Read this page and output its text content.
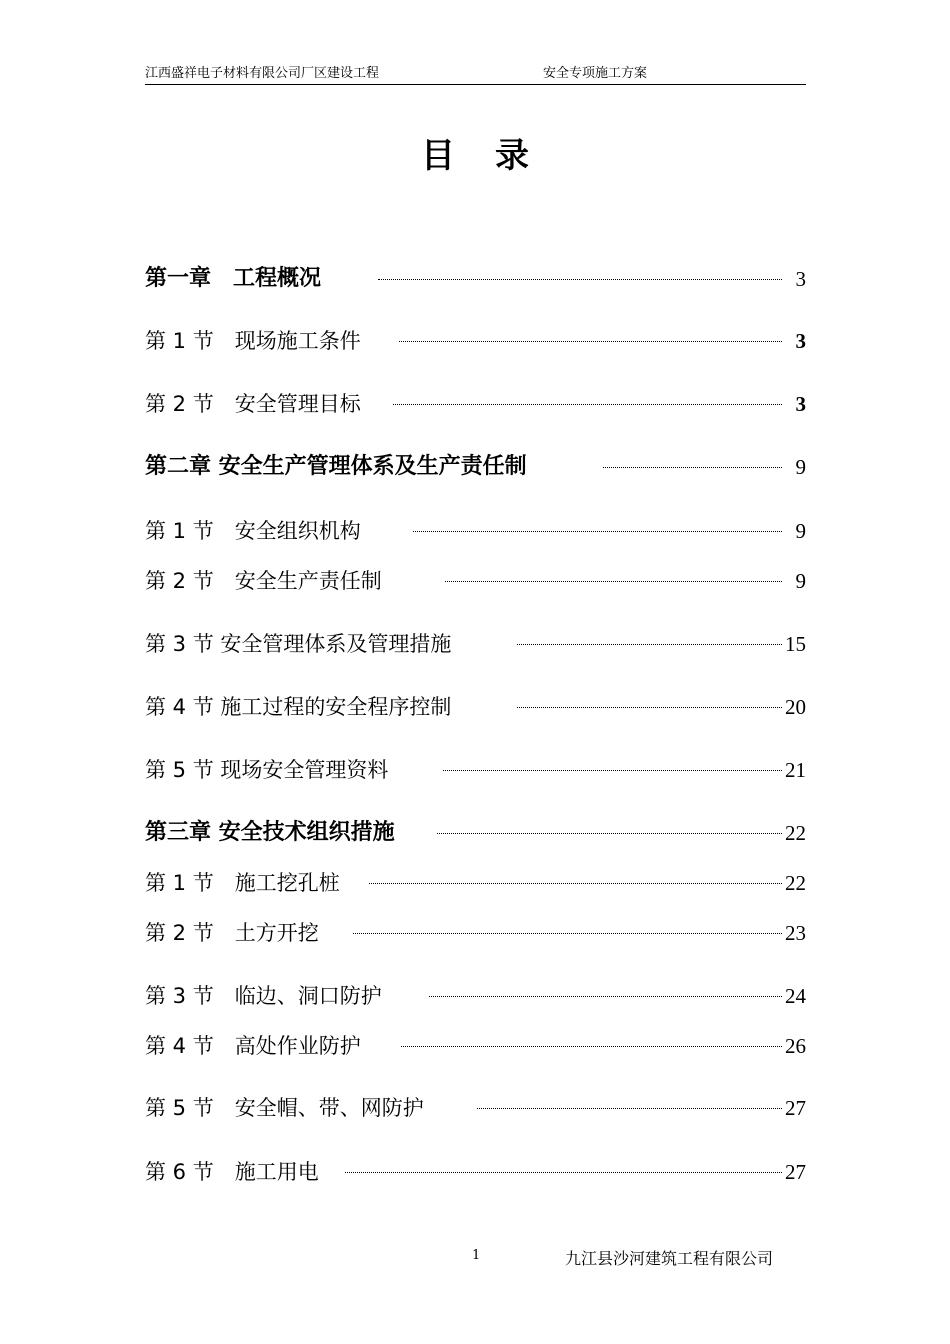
江西盛祥电子材料有限公司厂区建设工程	安全专项施工方案
目录
第一章　工程概况	3
第 1 节　现场施工条件	3
第 2 节　安全管理目标	3
第二章 安全生产管理体系及生产责任制	9
第 1 节　安全组织机构	9
第 2 节　安全生产责任制	9
第 3 节 安全管理体系及管理措施	15
第 4 节 施工过程的安全程序控制	20
第 5 节 现场安全管理资料	21
第三章 安全技术组织措施	22
第 1 节　施工挖孔桩	22
第 2 节　土方开挖	23
第 3 节　临边、洞口防护	24
第 4 节　高处作业防护	26
第 5 节　安全帽、带、网防护	27
第 6 节　施工用电	27
1	九江县沙河建筑工程有限公司
